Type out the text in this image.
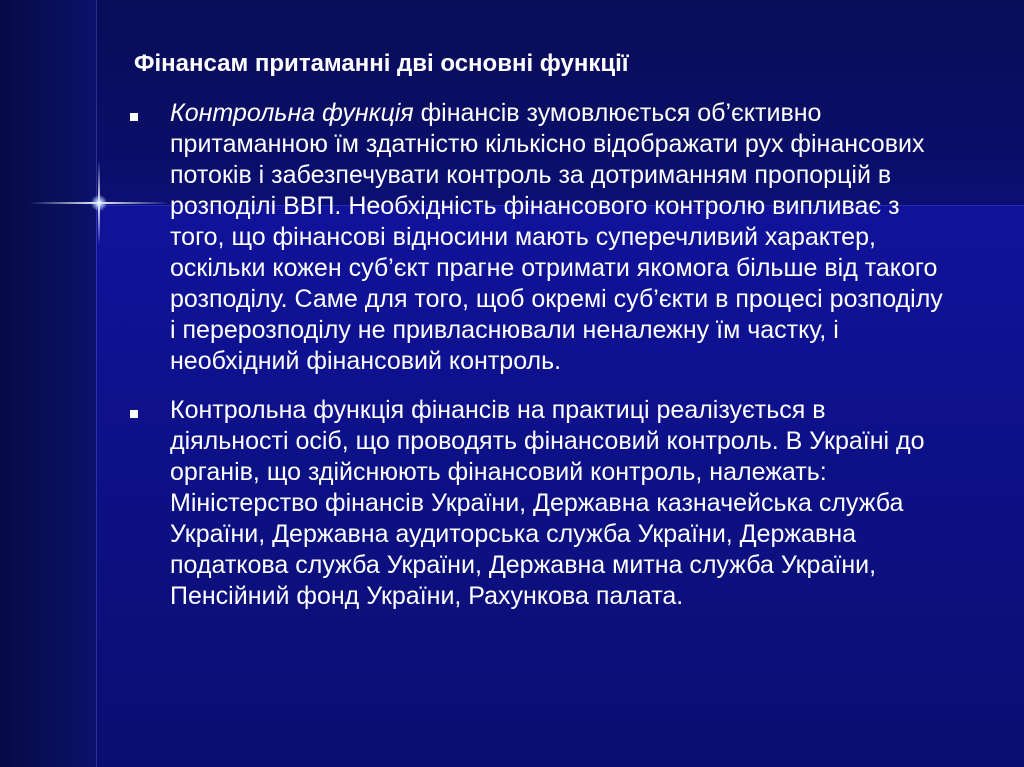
Фінансам притаманні дві основні функції
Контрольна функція фінансів зумовлюється об’єктивно притаманною їм здатністю кількісно відображати рух фінансових потоків і забезпечувати контроль за дотриманням пропорцій в розподілі ВВП. Необхідність фінансового контролю випливає з того, що фінансові відносини мають суперечливий характер, оскільки кожен суб’єкт прагне отримати якомога більше від такого розподілу. Саме для того, щоб окремі суб’єкти в процесі розподілу і перерозподілу не привласнювали неналежну їм частку, і необхідний фінансовий контроль.
Контрольна функція фінансів на практиці реалізується в діяльності осіб, що проводять фінансовий контроль. В Україні до органів, що здійснюють фінансовий контроль, належать: Міністерство фінансів України, Державна казначейська служба України, Державна аудиторська служба України, Державна податкова служба України, Державна митна служба України, Пенсійний фонд України, Рахункова палата.
